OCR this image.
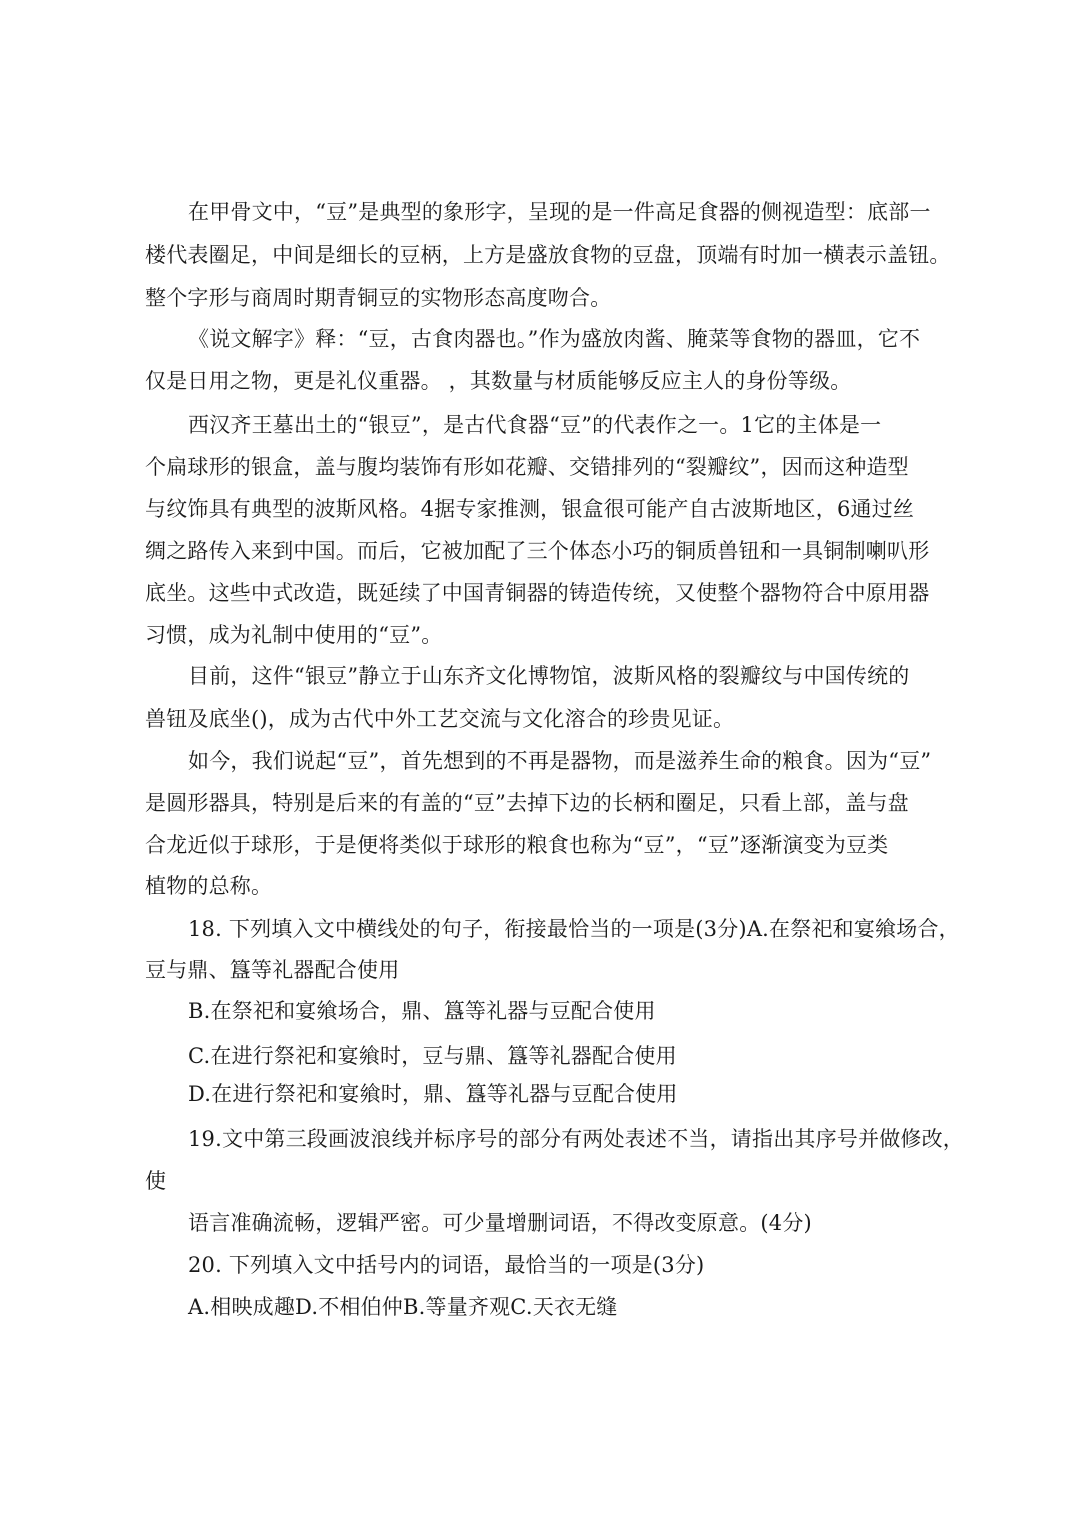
在甲骨文中，“豆”是典型的象形字，呈现的是一件高足食器的侧视造型：底部一
楼代表圈足，中间是细长的豆柄，上方是盛放食物的豆盘，顶端有时加一横表示盖钮。
整个字形与商周时期青铜豆的实物形态高度吻合。
《说文解字》释：“豆，古食肉器也。”作为盛放肉酱、腌菜等食物的器皿，它不
仅是日用之物，更是礼仪重器。 ，其数量与材质能够反应主人的身份等级。
西汉齐王墓出土的“银豆”，是古代食器“豆”的代表作之一。1它的主体是一
个扁球形的银盒，盖与腹均装饰有形如花瓣、交错排列的“裂瓣纹”，因而这种造型
与纹饰具有典型的波斯风格。4据专家推测，银盒很可能产自古波斯地区，6通过丝
绸之路传入来到中国。而后，它被加配了三个体态小巧的铜质兽钮和一具铜制喇叭形
底坐。这些中式改造，既延续了中国青铜器的铸造传统，又使整个器物符合中原用器
习惯，成为礼制中使用的“豆”。
目前，这件“银豆”静立于山东齐文化博物馆，波斯风格的裂瓣纹与中国传统的
兽钮及底坐()，成为古代中外工艺交流与文化溶合的珍贵见证。
如今，我们说起“豆”，首先想到的不再是器物，而是滋养生命的粮食。因为“豆”
是圆形器具，特别是后来的有盖的“豆”去掉下边的长柄和圈足，只看上部，盖与盘
合龙近似于球形，于是便将类似于球形的粮食也称为“豆”，“豆”逐渐演变为豆类
植物的总称。
18. 下列填入文中横线处的句子，衔接最恰当的一项是(3分)A.在祭祀和宴飨场合，
豆与鼎、簋等礼器配合使用
B.在祭祀和宴飨场合，鼎、簋等礼器与豆配合使用
C.在进行祭祀和宴飨时，豆与鼎、簋等礼器配合使用
D.在进行祭祀和宴飨时，鼎、簋等礼器与豆配合使用
19.文中第三段画波浪线并标序号的部分有两处表述不当，请指出其序号并做修改，
使
语言准确流畅，逻辑严密。可少量增删词语，不得改变原意。(4分)
20. 下列填入文中括号内的词语，最恰当的一项是(3分)
A.相映成趣D.不相伯仲B.等量齐观C.天衣无缝
